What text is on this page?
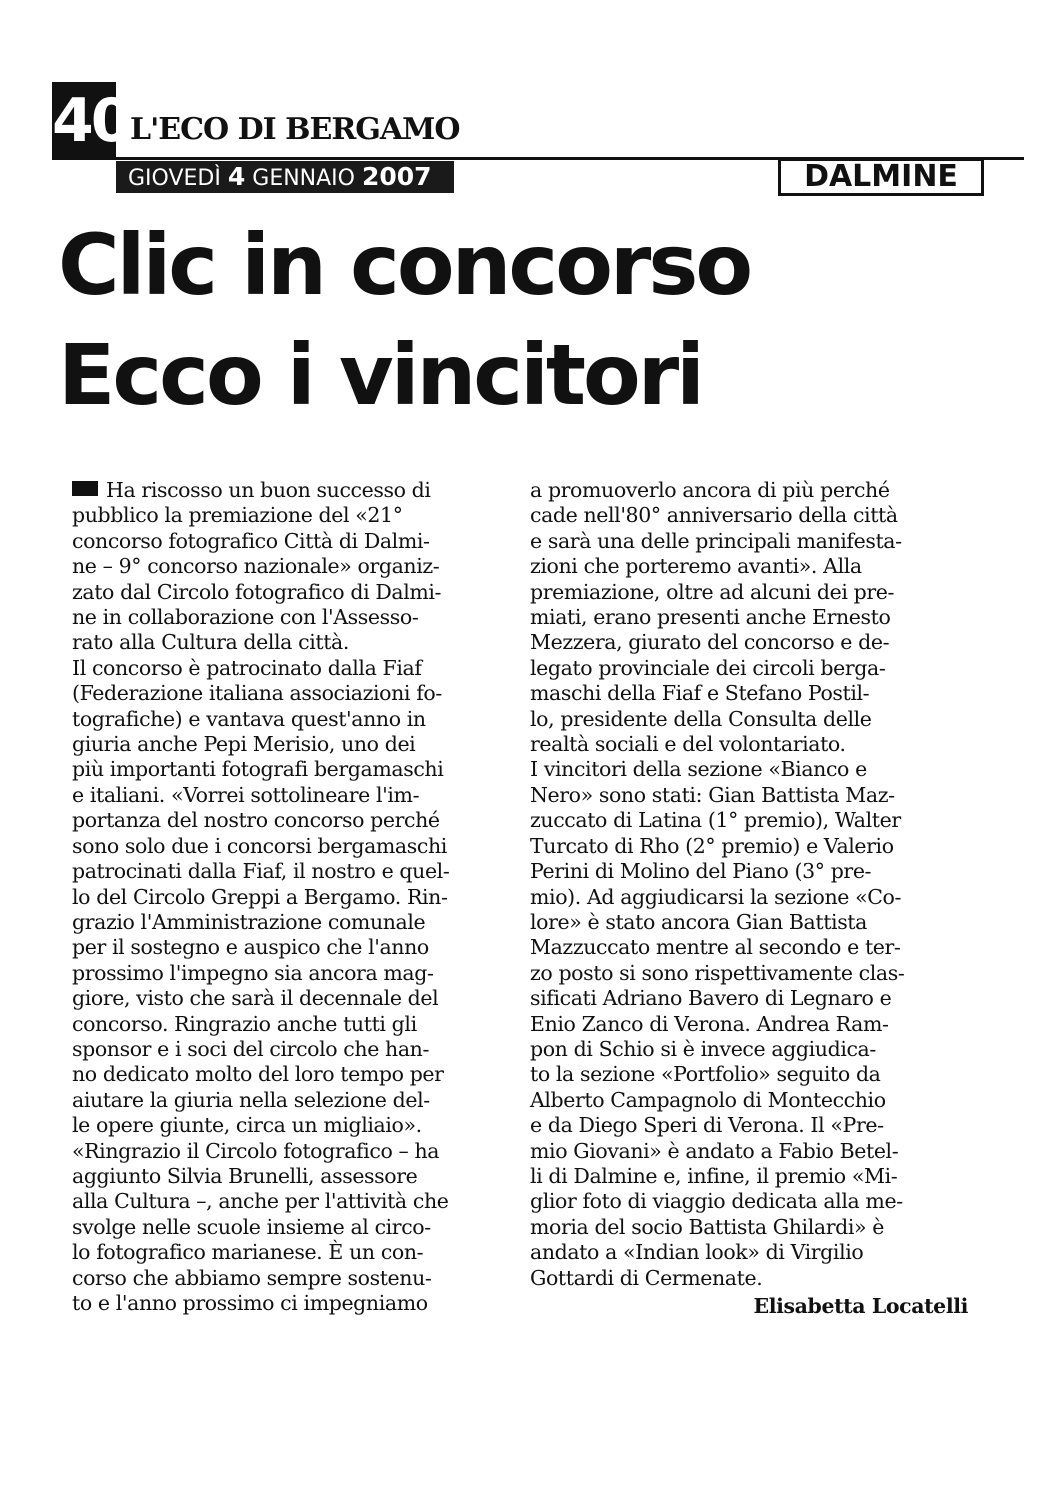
40 L'ECO DI BERGAMO
GIOVEDÌ 4 GENNAIO 2007	DALMINE
Clic in concorso
Ecco i vincitori
Ha riscosso un buon successo di
pubblico la premiazione del «21°
concorso fotografico Città di Dalmi-
ne – 9° concorso nazionale» organiz-
zato dal Circolo fotografico di Dalmi-
ne in collaborazione con l'Assesso-
rato alla Cultura della città.
Il concorso è patrocinato dalla Fiaf
(Federazione italiana associazioni fo-
tografiche) e vantava quest'anno in
giuria anche Pepi Merisio, uno dei
più importanti fotografi bergamaschi
e italiani. «Vorrei sottolineare l'im-
portanza del nostro concorso perché
sono solo due i concorsi bergamaschi
patrocinati dalla Fiaf, il nostro e quel-
lo del Circolo Greppi a Bergamo. Rin-
grazio l'Amministrazione comunale
per il sostegno e auspico che l'anno
prossimo l'impegno sia ancora mag-
giore, visto che sarà il decennale del
concorso. Ringrazio anche tutti gli
sponsor e i soci del circolo che han-
no dedicato molto del loro tempo per
aiutare la giuria nella selezione del-
le opere giunte, circa un migliaio».
«Ringrazio il Circolo fotografico – ha
aggiunto Silvia Brunelli, assessore
alla Cultura –, anche per l'attività che
svolge nelle scuole insieme al circo-
lo fotografico marianese. È un con-
corso che abbiamo sempre sostenu-
to e l'anno prossimo ci impegniamo
a promuoverlo ancora di più perché
cade nell'80° anniversario della città
e sarà una delle principali manifesta-
zioni che porteremo avanti». Alla
premiazione, oltre ad alcuni dei pre-
miati, erano presenti anche Ernesto
Mezzera, giurato del concorso e de-
legato provinciale dei circoli berga-
maschi della Fiaf e Stefano Postil-
lo, presidente della Consulta delle
realtà sociali e del volontariato.
I vincitori della sezione «Bianco e
Nero» sono stati: Gian Battista Maz-
zuccato di Latina (1° premio), Walter
Turcato di Rho (2° premio) e Valerio
Perini di Molino del Piano (3° pre-
mio). Ad aggiudicarsi la sezione «Co-
lore» è stato ancora Gian Battista
Mazzuccato mentre al secondo e ter-
zo posto si sono rispettivamente clas-
sificati Adriano Bavero di Legnaro e
Enio Zanco di Verona. Andrea Ram-
pon di Schio si è invece aggiudica-
to la sezione «Portfolio» seguito da
Alberto Campagnolo di Montecchio
e da Diego Speri di Verona. Il «Pre-
mio Giovani» è andato a Fabio Betel-
li di Dalmine e, infine, il premio «Mi-
glior foto di viaggio dedicata alla me-
moria del socio Battista Ghilardi» è
andato a «Indian look» di Virgilio
Gottardi di Cermenate.
Elisabetta Locatelli
